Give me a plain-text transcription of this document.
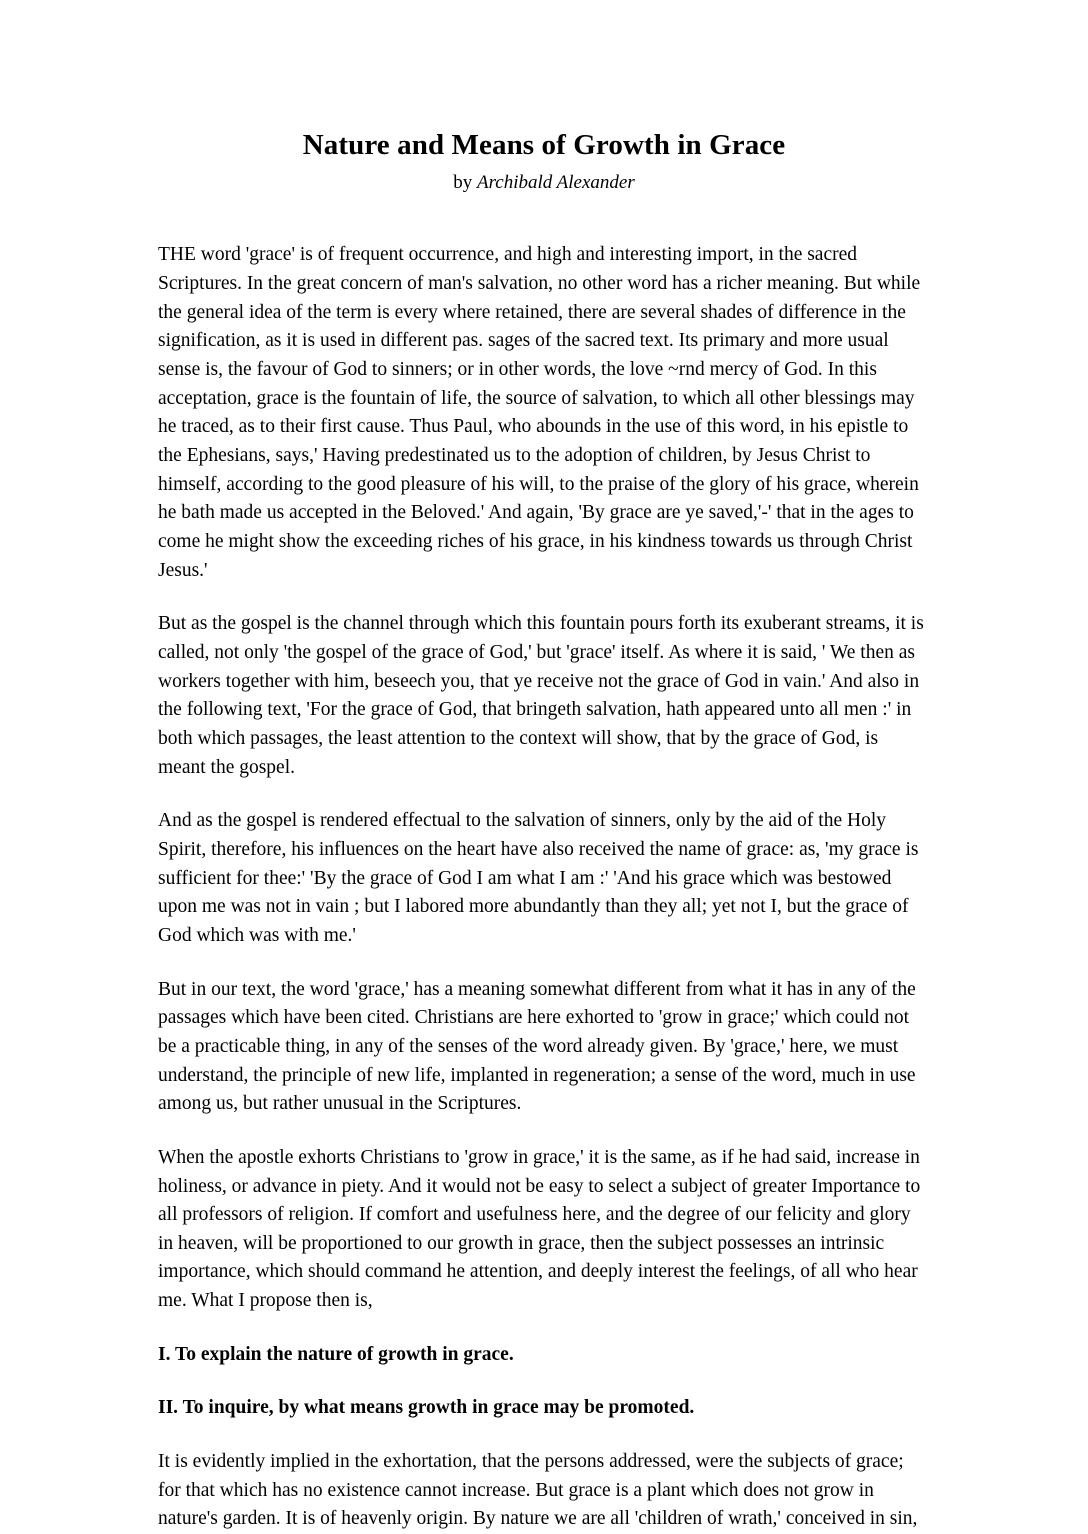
Nature and Means of Growth in Grace
by Archibald Alexander

THE word 'grace' is of frequent occurrence, and high and interesting import, in the sacred Scriptures. In the great concern of man's salvation, no other word has a richer meaning. But while the general idea of the term is every where retained, there are several shades of difference in the signification, as it is used in different pas. sages of the sacred text. Its primary and more usual sense is, the favour of God to sinners; or in other words, the love ~rnd mercy of God. In this acceptation, grace is the fountain of life, the source of salvation, to which all other blessings may he traced, as to their first cause. Thus Paul, who abounds in the use of this word, in his epistle to the Ephesians, says,' Having predestinated us to the adoption of children, by Jesus Christ to himself, according to the good pleasure of his will, to the praise of the glory of his grace, wherein he bath made us accepted in the Beloved.' And again, 'By grace are ye saved,'-' that in the ages to come he might show the exceeding riches of his grace, in his kindness towards us through Christ Jesus.'

But as the gospel is the channel through which this fountain pours forth its exuberant streams, it is called, not only 'the gospel of the grace of God,' but 'grace' itself. As where it is said, ' We then as workers together with him, beseech you, that ye receive not the grace of God in vain.' And also in the following text, 'For the grace of God, that bringeth salvation, hath appeared unto all men :' in both which passages, the least attention to the context will show, that by the grace of God, is meant the gospel.

And as the gospel is rendered effectual to the salvation of sinners, only by the aid of the Holy Spirit, therefore, his influences on the heart have also received the name of grace: as, 'my grace is sufficient for thee:' 'By the grace of God I am what I am :' 'And his grace which was bestowed upon me was not in vain ; but I labored more abundantly than they all; yet not I, but the grace of God which was with me.'

But in our text, the word 'grace,' has a meaning somewhat different from what it has in any of the passages which have been cited. Christians are here exhorted to 'grow in grace;' which could not be a practicable thing, in any of the senses of the word already given. By 'grace,' here, we must understand, the principle of new life, implanted in regeneration; a sense of the word, much in use among us, but rather unusual in the Scriptures.

When the apostle exhorts Christians to 'grow in grace,' it is the same, as if he had said, increase in holiness, or advance in piety. And it would not be easy to select a subject of greater Importance to all professors of religion. If comfort and usefulness here, and the degree of our felicity and glory in heaven, will be proportioned to our growth in grace, then the subject possesses an intrinsic importance, which should command he attention, and deeply interest the feelings, of all who hear me. What I propose then is,

I. To explain the nature of growth in grace.

II. To inquire, by what means growth in grace may be promoted.

It is evidently implied in the exhortation, that the persons addressed, were the subjects of grace; for that which has no existence cannot increase. But grace is a plant which does not grow in nature's garden. It is of heavenly origin. By nature we are all 'children of wrath,' conceived in sin,
